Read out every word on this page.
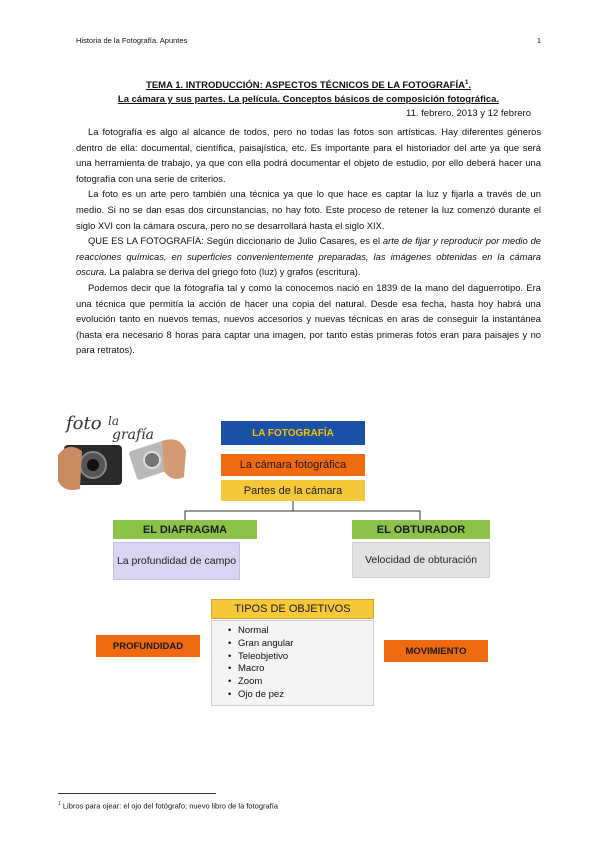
Historia de la Fotografía. Apuntes	1
TEMA 1. INTRODUCCIÓN: ASPECTOS TÉCNICOS DE LA FOTOGRAFÍA$^1$.
La cámara y sus partes. La película. Conceptos básicos de composición fotográfica.
11. febrero. 2013 y 12 febrero

La fotografía es algo al alcance de todos, pero no todas las fotos son artísticas. Hay diferentes géneros dentro de ella: documental, científica, paisajística, etc. Es importante para el historiador del arte ya que será una herramienta de trabajo, ya que con ella podrá documentar el objeto de estudio, por ello deberá hacer una fotografía con una serie de criterios.

La foto es un arte pero también una técnica ya que lo que hace es captar la luz y fijarla a través de un medio. Si no se dan esas dos circunstancias, no hay foto. Este proceso de retener la luz comenzó durante el siglo XVI con la cámara oscura, pero no se desarrollará hasta el siglo XIX.

QUE ES LA FOTOGRAFÍA: Según diccionario de Julio Casares, es el arte de fijar y reproducir por medio de reacciones químicas, en superficies convenientemente preparadas, las imágenes obtenidas en la cámara oscura. La palabra se deriva del griego foto (luz) y grafos (escritura).

Podemos decir que la fotografía tal y como la conocemos nació en 1839 de la mano del daguerrotipo. Era una técnica que permitía la acción de hacer una copia del natural. Desde esa fecha, hasta hoy habrá una evolución tanto en nuevos temas, nuevos accesorios y nuevas técnicas en aras de conseguir la instantánea (hasta era necesario 8 horas para captar una imagen, por tanto estas primeras fotos eran para paisajes y no para retratos).

foto la
grafía	LA FOTOGRAFÍA
La cámara fotográfica
Partes de la cámara
EL DIAFRAGMA
La profundidad de campo
EL OBTURADOR
Velocidad de obturación
TIPOS DE OBJETIVOS
• Normal
• Gran angular
• Teleobjetivo
• Macro
• Zoom
• Ojo de pez
PROFUNDIDAD	MOVIMIENTO
$^1$ Libros para ojear: el ojo del fotógrafo; nuevo libro de la fotografía
